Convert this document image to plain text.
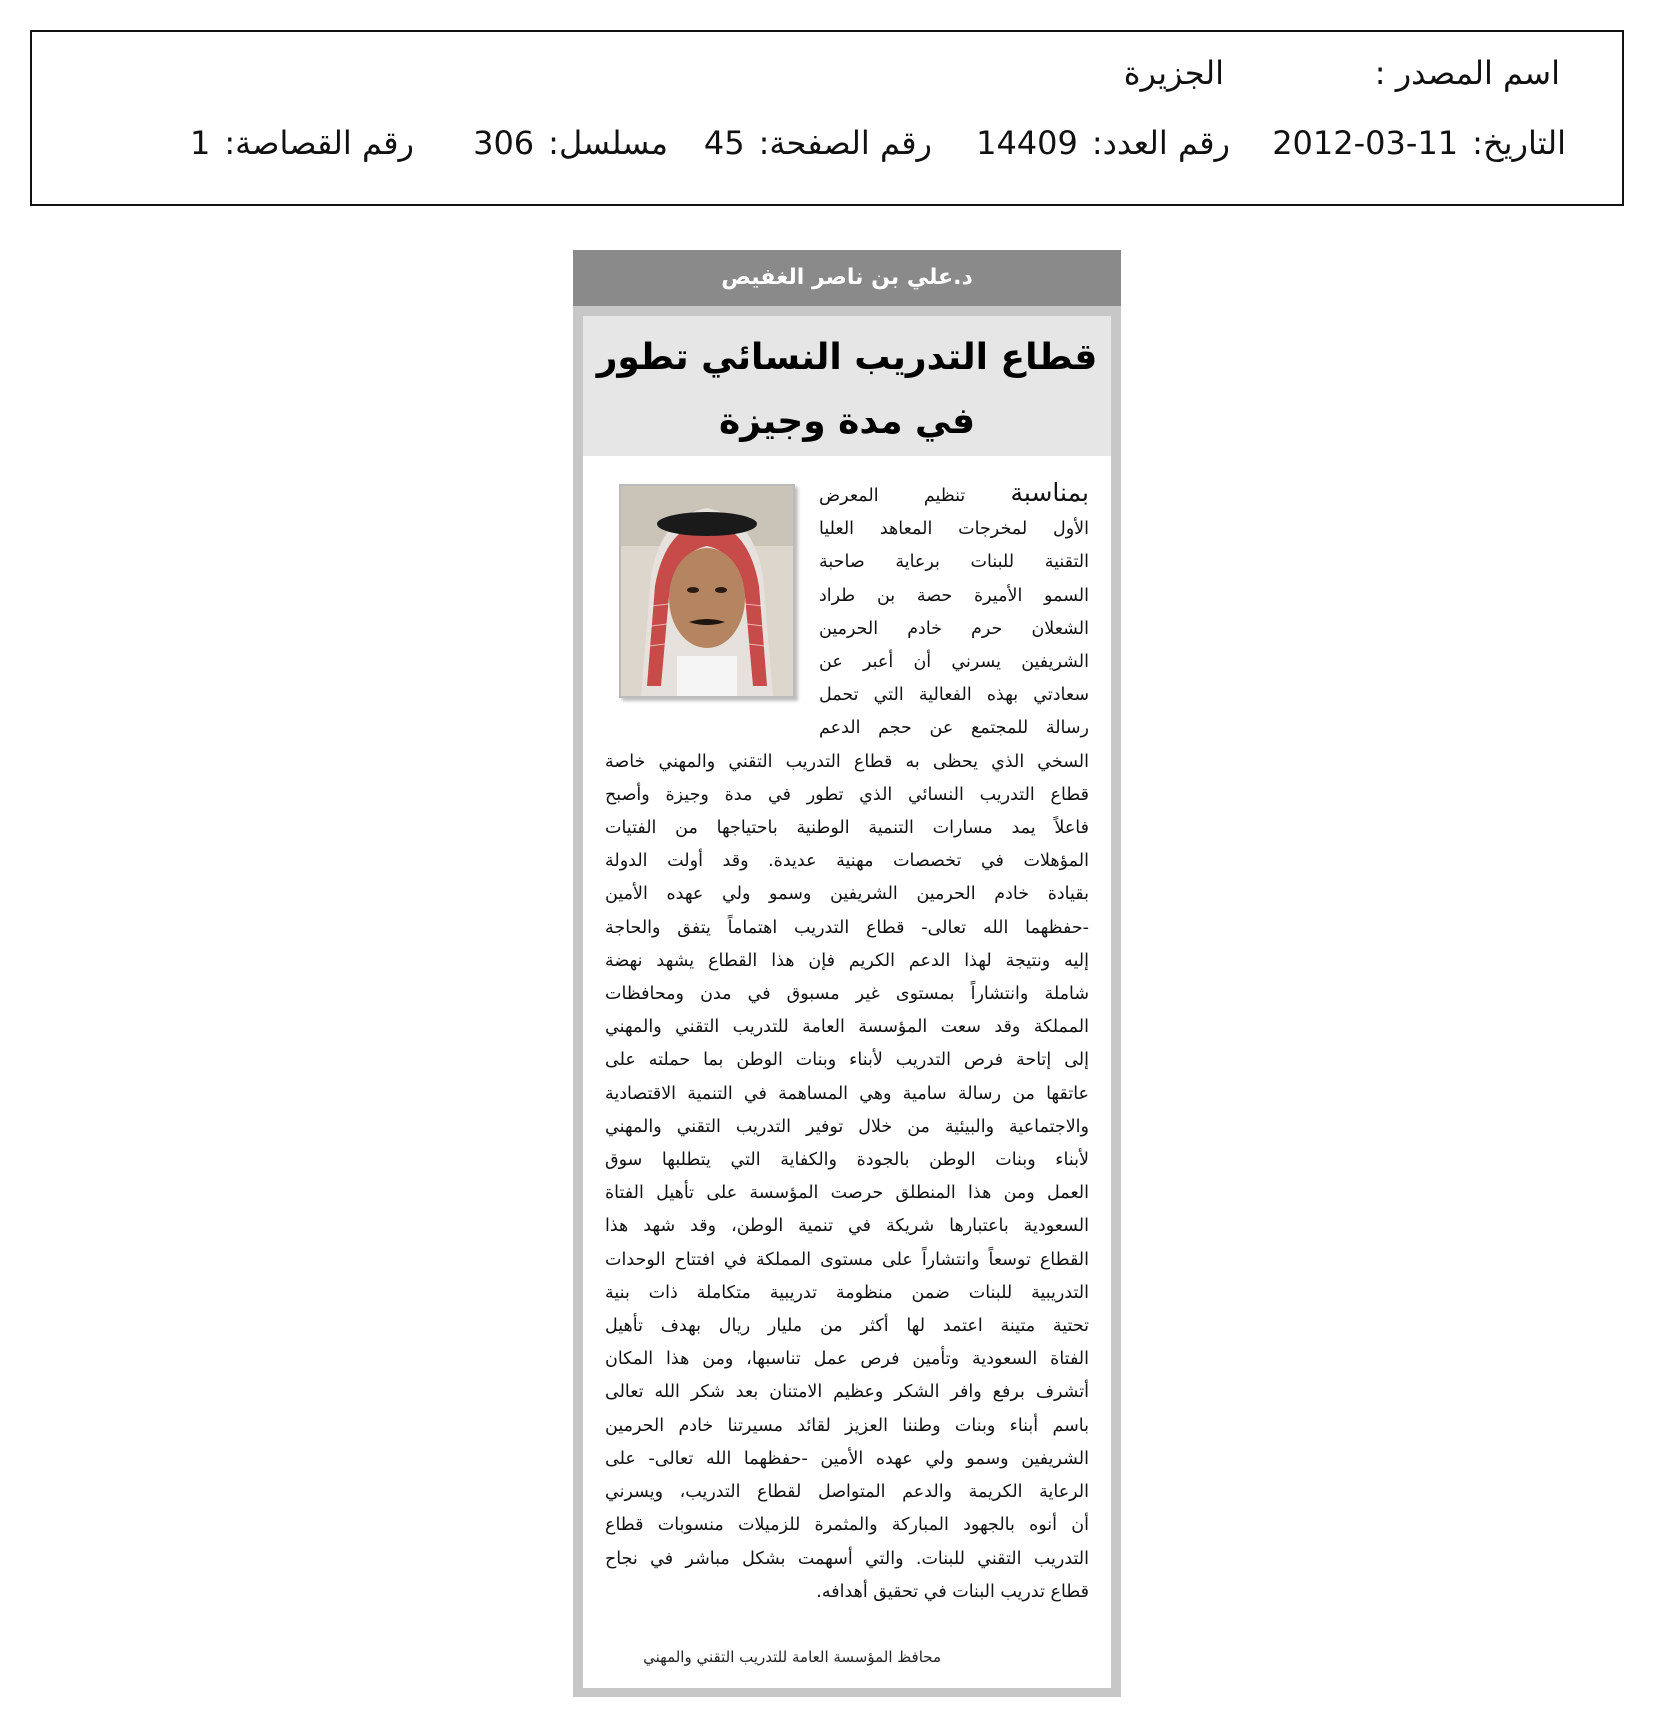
اسم المصدر :
الجزيرة
التاريخ:2012-03-11
رقم العدد:14409
رقم الصفحة:45
مسلسل:306
رقم القصاصة:1
د.علي بن ناصر الغفيص
قطاع التدريب النسائي تطور
في مدة وجيزة
بمناسبة تنظيم المعرض
الأول لمخرجات المعاهد العليا
التقنية للبنات برعاية صاحبة
السمو الأميرة حصة بن طراد
الشعلان حرم خادم الحرمين
الشريفين يسرني أن أعبر عن
سعادتي بهذه الفعالية التي تحمل
رسالة للمجتمع عن حجم الدعم
السخي الذي يحظى به قطاع التدريب التقني والمهني خاصة
قطاع التدريب النسائي الذي تطور في مدة وجيزة وأصبح
فاعلاً يمد مسارات التنمية الوطنية باحتياجها من الفتيات
المؤهلات في تخصصات مهنية عديدة. وقد أولت الدولة
بقيادة خادم الحرمين الشريفين وسمو ولي عهده الأمين
-حفظهما الله تعالى- قطاع التدريب اهتماماً يتفق والحاجة
إليه ونتيجة لهذا الدعم الكريم فإن هذا القطاع يشهد نهضة
شاملة وانتشاراً بمستوى غير مسبوق في مدن ومحافظات
المملكة وقد سعت المؤسسة العامة للتدريب التقني والمهني
إلى إتاحة فرص التدريب لأبناء وبنات الوطن بما حملته على
عاتقها من رسالة سامية وهي المساهمة في التنمية الاقتصادية
والاجتماعية والبيئية من خلال توفير التدريب التقني والمهني
لأبناء وبنات الوطن بالجودة والكفاية التي يتطلبها سوق
العمل ومن هذا المنطلق حرصت المؤسسة على تأهيل الفتاة
السعودية باعتبارها شريكة في تنمية الوطن، وقد شهد هذا
القطاع توسعاً وانتشاراً على مستوى المملكة في افتتاح الوحدات
التدريبية للبنات ضمن منظومة تدريبية متكاملة ذات بنية
تحتية متينة اعتمد لها أكثر من مليار ريال بهدف تأهيل
الفتاة السعودية وتأمين فرص عمل تناسبها، ومن هذا المكان
أتشرف برفع وافر الشكر وعظيم الامتنان بعد شكر الله تعالى
باسم أبناء وبنات وطننا العزيز لقائد مسيرتنا خادم الحرمين
الشريفين وسمو ولي عهده الأمين -حفظهما الله تعالى- على
الرعاية الكريمة والدعم المتواصل لقطاع التدريب، ويسرني
أن أنوه بالجهود المباركة والمثمرة للزميلات منسوبات قطاع
التدريب التقني للبنات. والتي أسهمت بشكل مباشر في نجاح
قطاع تدريب البنات في تحقيق أهدافه.
محافظ المؤسسة العامة للتدريب التقني والمهني
